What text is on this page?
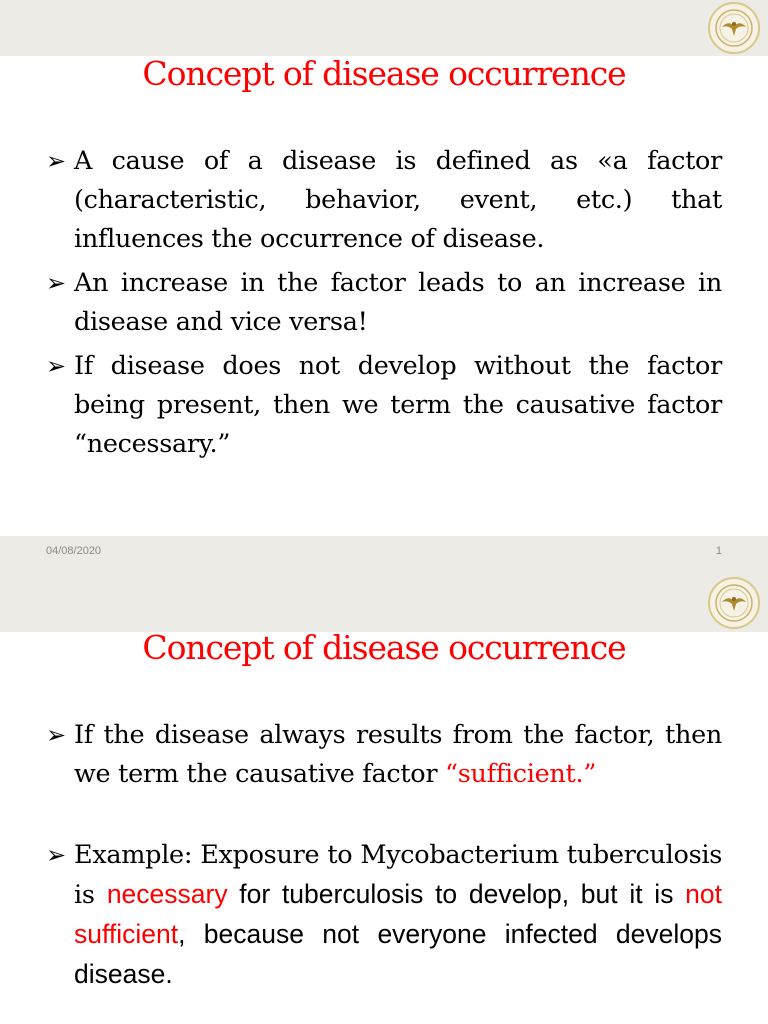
Concept of disease occurrence
➢ A cause of a disease is defined as «a factor (characteristic, behavior, event, etc.) that influences the occurrence of disease.
➢ An increase in the factor leads to an increase in disease and vice versa!
➢ If disease does not develop without the factor being present, then we term the causative factor “necessary.”
04/08/2020	1
Concept of disease occurrence
➢ If the disease always results from the factor, then we term the causative factor “sufficient.”
➢ Example: Exposure to Mycobacterium tuberculosis is necessary for tuberculosis to develop, but it is not sufficient, because not everyone infected develops disease.
